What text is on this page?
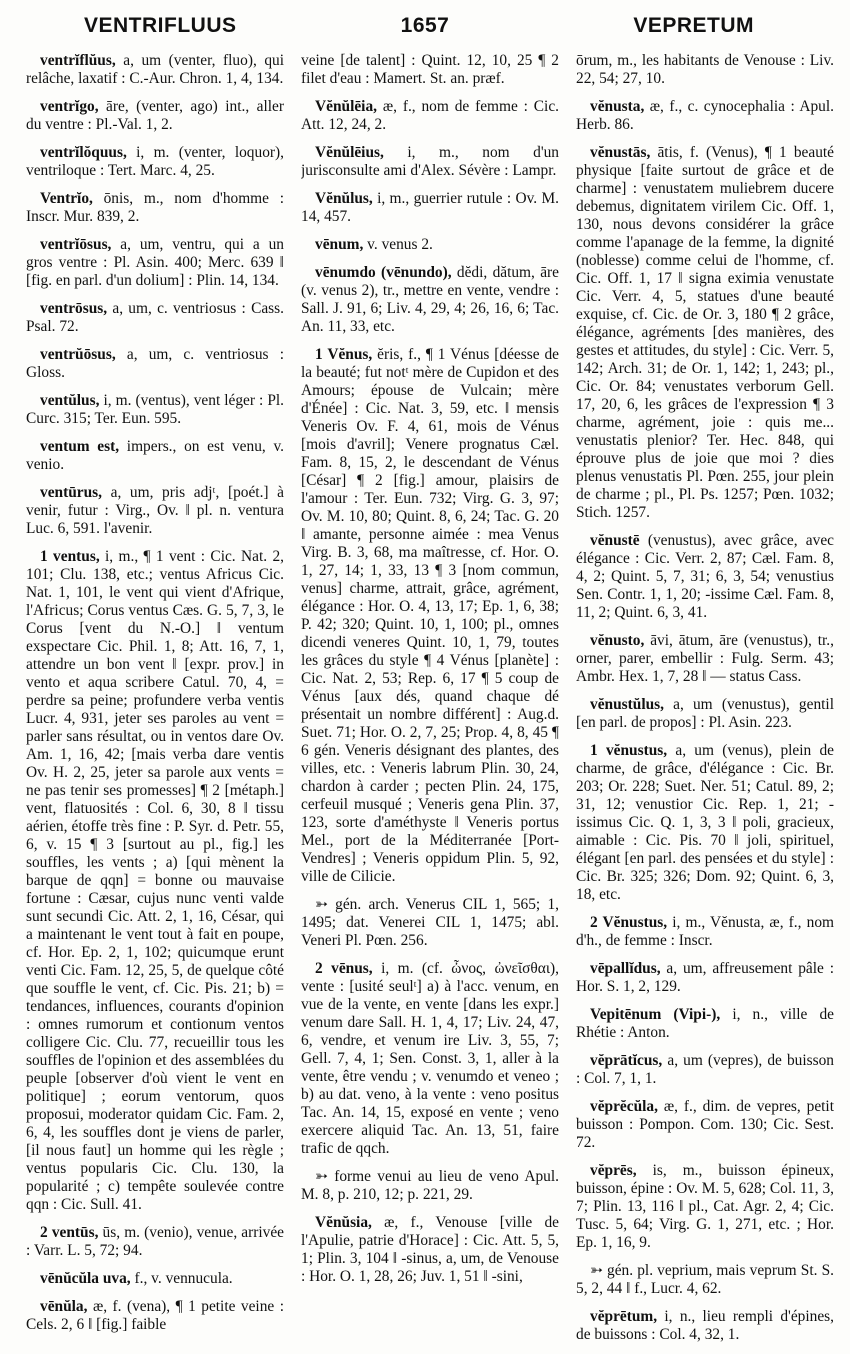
VENTRIFLUUS	1657	VEPRETUM
ventrĭflŭus, a, um (venter, fluo), qui relâche, laxatif : C.-Aur. Chron. 1, 4, 134.
ventrĭgo, āre, (venter, ago) int., aller du ventre : Pl.-Val. 1, 2.
ventrĭlŏquus, i, m. (venter, loquor), ventriloque : Tert. Marc. 4, 25.
Ventrĭo, ōnis, m., nom d'homme : Inscr. Mur. 839, 2.
ventrĭōsus, a, um, ventru, qui a un gros ventre : Pl. Asin. 400; Merc. 639 ‖ [fig. en parl. d'un dolium] : Plin. 14, 134.
ventrōsus, a, um, c. ventriosus : Cass. Psal. 72.
ventrŭōsus, a, um, c. ventriosus : Gloss.
ventŭlus, i, m. (ventus), vent léger : Pl. Curc. 315; Ter. Eun. 595.
ventum est, impers., on est venu, v. venio.
ventūrus, a, um, pris adjᵗ, [poét.] à venir, futur : Virg., Ov. ‖ pl. n. ventura Luc. 6, 591. l'avenir.
1 ventus, i, m., ¶ 1 vent : Cic. Nat. 2, 101; Clu. 138, etc.; ventus Africus Cic. Nat. 1, 101, le vent qui vient d'Afrique, l'Africus; Corus ventus Cæs. G. 5, 7, 3, le Corus [vent du N.-O.] ‖ ventum exspectare Cic. Phil. 1, 8; Att. 16, 7, 1, attendre un bon vent ‖ [expr. prov.] in vento et aqua scribere Catul. 70, 4, = perdre sa peine; profundere verba ventis Lucr. 4, 931, jeter ses paroles au vent = parler sans résultat, ou in ventos dare Ov. Am. 1, 16, 42; [mais verba dare ventis Ov. H. 2, 25, jeter sa parole aux vents = ne pas tenir ses promesses] ¶ 2 [métaph.] vent, flatuosités : Col. 6, 30, 8 ‖ tissu aérien, étoffe très fine : P. Syr. d. Petr. 55, 6, v. 15 ¶ 3 [surtout au pl., fig.] les souffles, les vents ; a) [qui mènent la barque de qqn] = bonne ou mauvaise fortune : Cæsar, cujus nunc venti valde sunt secundi Cic. Att. 2, 1, 16, César, qui a maintenant le vent tout à fait en poupe, cf. Hor. Ep. 2, 1, 102; quicumque erunt venti Cic. Fam. 12, 25, 5, de quelque côté que souffle le vent, cf. Cic. Pis. 21; b) = tendances, influences, courants d'opinion : omnes rumorum et contionum ventos colligere Cic. Clu. 77, recueillir tous les souffles de l'opinion et des assemblées du peuple [observer d'où vient le vent en politique] ; eorum ventorum, quos proposui, moderator quidam Cic. Fam. 2, 6, 4, les souffles dont je viens de parler, [il nous faut] un homme qui les règle ; ventus popularis Cic. Clu. 130, la popularité ; c) tempête soulevée contre qqn : Cic. Sull. 41.
2 ventūs, ūs, m. (venio), venue, arrivée : Varr. L. 5, 72; 94.
vēnŭcŭla uva, f., v. vennucula.
vēnŭla, æ, f. (vena), ¶ 1 petite veine : Cels. 2, 6 ‖ [fig.] faible
veine [de talent] : Quint. 12, 10, 25 ¶ 2 filet d'eau : Mamert. St. an. præf.
Vĕnŭlēia, æ, f., nom de femme : Cic. Att. 12, 24, 2.
Vĕnŭlēius, i, m., nom d'un jurisconsulte ami d'Alex. Sévère : Lampr.
Vĕnŭlus, i, m., guerrier rutule : Ov. M. 14, 457.
vēnum, v. venus 2.
vēnumdo (vēnundo), dĕdi, dătum, āre (v. venus 2), tr., mettre en vente, vendre : Sall. J. 91, 6; Liv. 4, 29, 4; 26, 16, 6; Tac. An. 11, 33, etc.
1 Vĕnus, ĕris, f., ¶ 1 Vénus [déesse de la beauté; fut notᵗ mère de Cupidon et des Amours; épouse de Vulcain; mère d'Énée] : Cic. Nat. 3, 59, etc. ‖ mensis Veneris Ov. F. 4, 61, mois de Vénus [mois d'avril]; Venere prognatus Cæl. Fam. 8, 15, 2, le descendant de Vénus [César] ¶ 2 [fig.] amour, plaisirs de l'amour : Ter. Eun. 732; Virg. G. 3, 97; Ov. M. 10, 80; Quint. 8, 6, 24; Tac. G. 20 ‖ amante, personne aimée : mea Venus Virg. B. 3, 68, ma maîtresse, cf. Hor. O. 1, 27, 14; 1, 33, 13 ¶ 3 [nom commun, venus] charme, attrait, grâce, agrément, élégance : Hor. O. 4, 13, 17; Ep. 1, 6, 38; P. 42; 320; Quint. 10, 1, 100; pl., omnes dicendi veneres Quint. 10, 1, 79, toutes les grâces du style ¶ 4 Vénus [planète] : Cic. Nat. 2, 53; Rep. 6, 17 ¶ 5 coup de Vénus [aux dés, quand chaque dé présentait un nombre différent] : Aug.d. Suet. 71; Hor. O. 2, 7, 25; Prop. 4, 8, 45 ¶ 6 gén. Veneris désignant des plantes, des villes, etc. : Veneris labrum Plin. 30, 24, chardon à carder ; pecten Plin. 24, 175, cerfeuil musqué ; Veneris gena Plin. 37, 123, sorte d'améthyste ‖ Veneris portus Mel., port de la Méditerranée [Port-Vendres] ; Veneris oppidum Plin. 5, 92, ville de Cilicie.
➳ gén. arch. Venerus CIL 1, 565; 1, 1495; dat. Venerei CIL 1, 1475; abl. Veneri Pl. Pœn. 256.
2 vēnus, i, m. (cf. ὦνος, ὠνεῖσθαι), vente : [usité seulᵗ] a) à l'acc. venum, en vue de la vente, en vente [dans les expr.] venum dare Sall. H. 1, 4, 17; Liv. 24, 47, 6, vendre, et venum ire Liv. 3, 55, 7; Gell. 7, 4, 1; Sen. Const. 3, 1, aller à la vente, être vendu ; v. venumdo et veneo ; b) au dat. veno, à la vente : veno positus Tac. An. 14, 15, exposé en vente ; veno exercere aliquid Tac. An. 13, 51, faire trafic de qqch.
➳ forme venui au lieu de veno Apul. M. 8, p. 210, 12; p. 221, 29.
Vĕnŭsia, æ, f., Venouse [ville de l'Apulie, patrie d'Horace] : Cic. Att. 5, 5, 1; Plin. 3, 104 ‖ -sinus, a, um, de Venouse : Hor. O. 1, 28, 26; Juv. 1, 51 ‖ -sini,
ōrum, m., les habitants de Venouse : Liv. 22, 54; 27, 10.
vĕnusta, æ, f., c. cynocephalia : Apul. Herb. 86.
vĕnustās, ātis, f. (Venus), ¶ 1 beauté physique [faite surtout de grâce et de charme] : venustatem muliebrem ducere debemus, dignitatem virilem Cic. Off. 1, 130, nous devons considérer la grâce comme l'apanage de la femme, la dignité (noblesse) comme celui de l'homme, cf. Cic. Off. 1, 17 ‖ signa eximia venustate Cic. Verr. 4, 5, statues d'une beauté exquise, cf. Cic. de Or. 3, 180 ¶ 2 grâce, élégance, agréments [des manières, des gestes et attitudes, du style] : Cic. Verr. 5, 142; Arch. 31; de Or. 1, 142; 1, 243; pl., Cic. Or. 84; venustates verborum Gell. 17, 20, 6, les grâces de l'expression ¶ 3 charme, agrément, joie : quis me... venustatis plenior? Ter. Hec. 848, qui éprouve plus de joie que moi ? dies plenus venustatis Pl. Pœn. 255, jour plein de charme ; pl., Pl. Ps. 1257; Pœn. 1032; Stich. 1257.
vĕnustē (venustus), avec grâce, avec élégance : Cic. Verr. 2, 87; Cæl. Fam. 8, 4, 2; Quint. 5, 7, 31; 6, 3, 54; venustius Sen. Contr. 1, 1, 20; -issime Cæl. Fam. 8, 11, 2; Quint. 6, 3, 41.
vĕnusto, āvi, ātum, āre (venustus), tr., orner, parer, embellir : Fulg. Serm. 43; Ambr. Hex. 1, 7, 28 ‖ — status Cass.
vĕnustŭlus, a, um (venustus), gentil [en parl. de propos] : Pl. Asin. 223.
1 vĕnustus, a, um (venus), plein de charme, de grâce, d'élégance : Cic. Br. 203; Or. 228; Suet. Ner. 51; Catul. 89, 2; 31, 12; venustior Cic. Rep. 1, 21; -issimus Cic. Q. 1, 3, 3 ‖ poli, gracieux, aimable : Cic. Pis. 70 ‖ joli, spirituel, élégant [en parl. des pensées et du style] : Cic. Br. 325; 326; Dom. 92; Quint. 6, 3, 18, etc.
2 Vĕnustus, i, m., Vĕnusta, æ, f., nom d'h., de femme : Inscr.
vēpallĭdus, a, um, affreusement pâle : Hor. S. 1, 2, 129.
Vepitēnum (Vipi-), i, n., ville de Rhétie : Anton.
vĕprātĭcus, a, um (vepres), de buisson : Col. 7, 1, 1.
vĕprĕcŭla, æ, f., dim. de vepres, petit buisson : Pompon. Com. 130; Cic. Sest. 72.
vĕprēs, is, m., buisson épineux, buisson, épine : Ov. M. 5, 628; Col. 11, 3, 7; Plin. 13, 116 ‖ pl., Cat. Agr. 2, 4; Cic. Tusc. 5, 64; Virg. G. 1, 271, etc. ; Hor. Ep. 1, 16, 9.
➳ gén. pl. veprium, mais veprum St. S. 5, 2, 44 ‖ f., Lucr. 4, 62.
vĕprētum, i, n., lieu rempli d'épines, de buissons : Col. 4, 32, 1.
